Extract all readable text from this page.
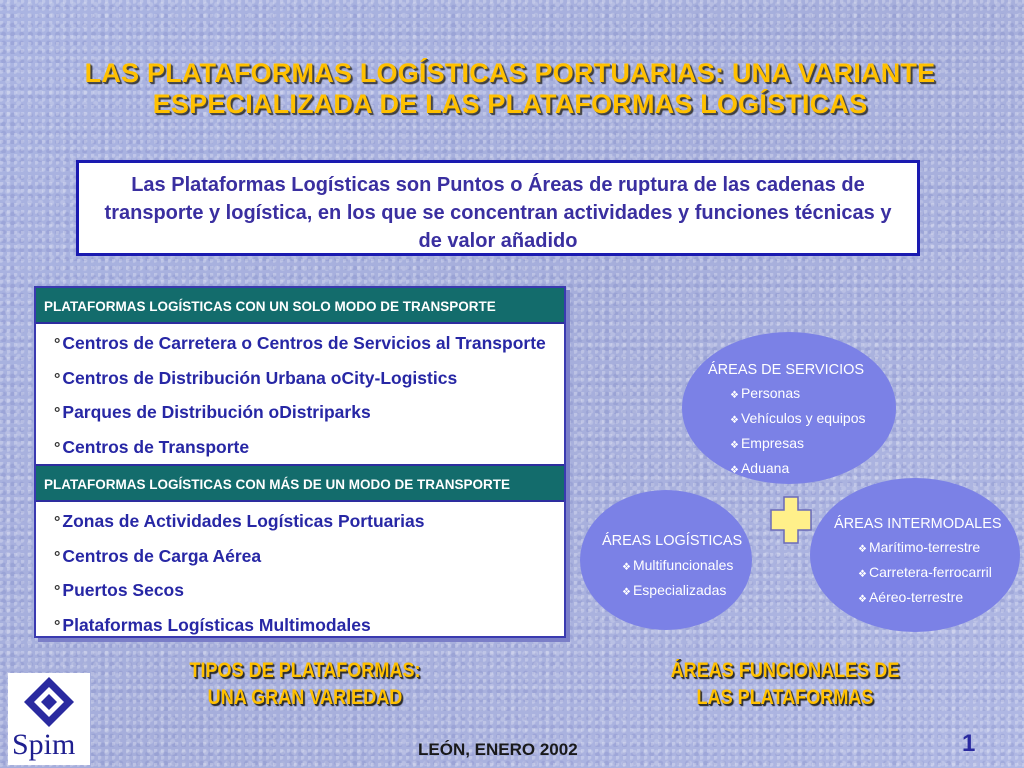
LAS PLATAFORMAS LOGÍSTICAS PORTUARIAS: UNA VARIANTE ESPECIALIZADA DE LAS PLATAFORMAS LOGÍSTICAS
Las Plataformas Logísticas son Puntos o Áreas de ruptura de las cadenas de transporte y logística, en los que se concentran actividades y funciones técnicas y de valor añadido
PLATAFORMAS LOGÍSTICAS CON UN SOLO MODO DE TRANSPORTE
° Centros de Carretera o Centros de Servicios al Transporte
° Centros de Distribución Urbana oCity-Logistics
° Parques de Distribución oDistriparks
° Centros de Transporte
PLATAFORMAS LOGÍSTICAS CON MÁS DE UN MODO DE TRANSPORTE
° Zonas de Actividades Logísticas Portuarias
° Centros de Carga Aérea
° Puertos Secos
° Plataformas Logísticas Multimodales
ÁREAS DE SERVICIOS
❖ Personas
❖ Vehículos y equipos
❖ Empresas
❖ Aduana
ÁREAS LOGÍSTICAS
❖ Multifuncionales
❖ Especializadas
ÁREAS INTERMODALES
❖ Marítimo-terrestre
❖ Carretera-ferrocarril
❖ Aéreo-terrestre
TIPOS DE PLATAFORMAS:
UNA GRAN VARIEDAD
ÁREAS FUNCIONALES DE
LAS PLATAFORMAS
Spim	LEÓN, ENERO 2002	1
